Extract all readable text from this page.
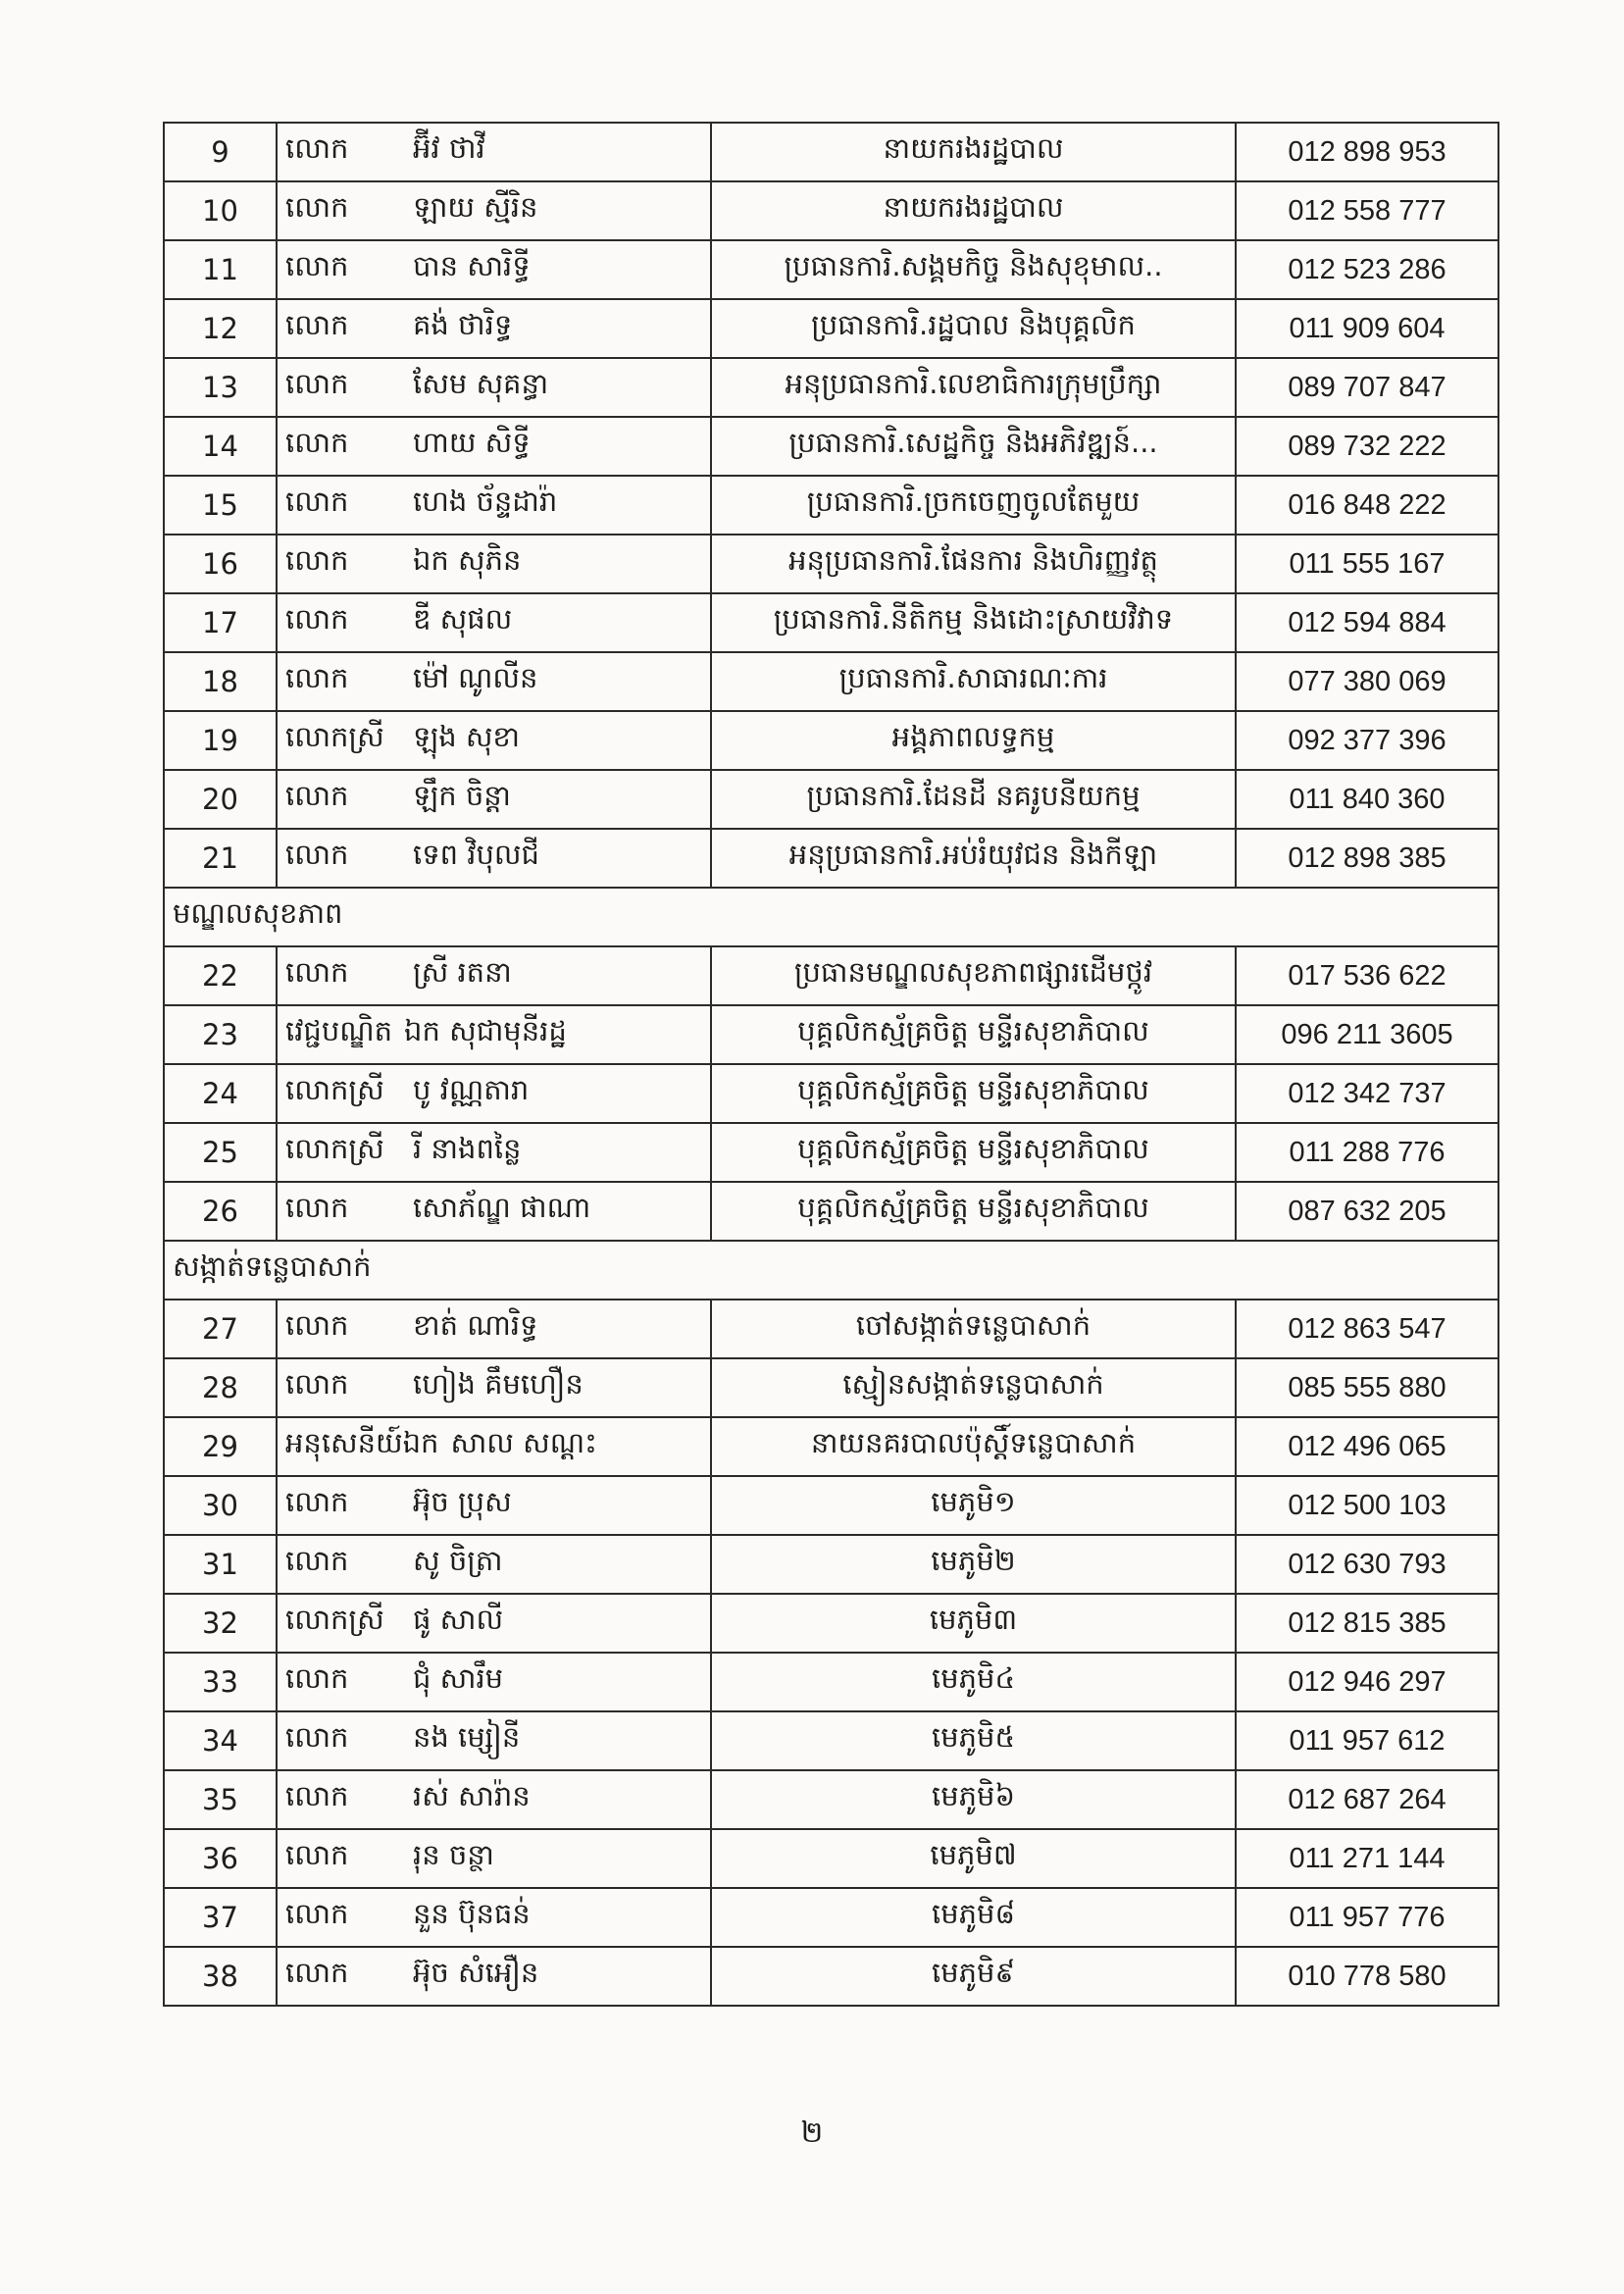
9	លោក អ៊ីវ ថាវី	នាយករងរដ្ឋបាល	012 898 953
10	លោក ឡាយ ស្មីរិន	នាយករងរដ្ឋបាល	012 558 777
11	លោក បាន សារិទ្ធី	ប្រធានការិ.សង្គមកិច្ច និងសុខុមាល..	012 523 286
12	លោក គង់ ថារិទ្ធ	ប្រធានការិ.រដ្ឋបាល និងបុគ្គលិក	011 909 604
13	លោក សែម សុគន្ធា	អនុប្រធានការិ.លេខាធិការក្រុមប្រឹក្សា	089 707 847
14	លោក ហាយ សិទ្ធី	ប្រធានការិ.សេដ្ឋកិច្ច និងអភិវឌ្ឍន៍...	089 732 222
15	លោក ហេង ច័ន្ទដារ៉ា	ប្រធានការិ.ច្រកចេញចូលតែមួយ	016 848 222
16	លោក ឯក សុភិន	អនុប្រធានការិ.ផែនការ និងហិរញ្ញវត្ថុ	011 555 167
17	លោក ឌី សុផល	ប្រធានការិ.នីតិកម្ម និងដោះស្រាយវិវាទ	012 594 884
18	លោក ម៉ៅ ណូលីន	ប្រធានការិ.សាធារណៈការ	077 380 069
19	លោកស្រី ឡុង សុខា	អង្គភាពលទ្ធកម្ម	092 377 396
20	លោក ឡឹក ចិន្តា	ប្រធានការិ.ដែនដី នគរូបនីយកម្ម	011 840 360
21	លោក ទេព វិបុលជី	អនុប្រធានការិ.អប់រំយុវជន និងកីឡា	012 898 385
មណ្ឌលសុខភាព			
22	លោក ស្រី រតនា	ប្រធានមណ្ឌលសុខភាពផ្សារដើមថ្កូវ	017 536 622
23	វេជ្ជបណ្ឌិត ឯក សុជាមុនីរដ្ឋ	បុគ្គលិកស្ម័គ្រចិត្ត មន្ទីរសុខាភិបាល	096 211 3605
24	លោកស្រី បូ វណ្ណតារា	បុគ្គលិកស្ម័គ្រចិត្ត មន្ទីរសុខាភិបាល	012 342 737
25	លោកស្រី រី នាងពន្លៃ	បុគ្គលិកស្ម័គ្រចិត្ត មន្ទីរសុខាភិបាល	011 288 776
26	លោក សោភ័ណ្ឌ ផាណា	បុគ្គលិកស្ម័គ្រចិត្ត មន្ទីរសុខាភិបាល	087 632 205
សង្កាត់ទន្លេបាសាក់			
27	លោក ខាត់ ណារិទ្ធ	ចៅសង្កាត់ទន្លេបាសាក់	012 863 547
28	លោក ហៀង គឹមហឿន	ស្មៀនសង្កាត់ទន្លេបាសាក់	085 555 880
29	អនុសេនីយ៍ឯក សាល សណ្ដះ	នាយនគរបាលប៉ុស្តិ៍ទន្លេបាសាក់	012 496 065
30	លោក អ៊ុច ប្រុស	មេភូមិ១	012 500 103
31	លោក សូ ចិត្រា	មេភូមិ២	012 630 793
32	លោកស្រី ផូ សាលី	មេភូមិ៣	012 815 385
33	លោក ជុំ សារឹម	មេភូមិ៤	012 946 297
34	លោក នង ម្សៀនី	មេភូមិ៥	011 957 612
35	លោក រស់ សារ៉ាន	មេភូមិ៦	012 687 264
36	លោក រុន ចន្ថា	មេភូមិ៧	011 271 144
37	លោក នួន ប៊ុនធន់	មេភូមិ៨	011 957 776
38	លោក អ៊ុច សំអឿន	មេភូមិ៩	010 778 580
២
